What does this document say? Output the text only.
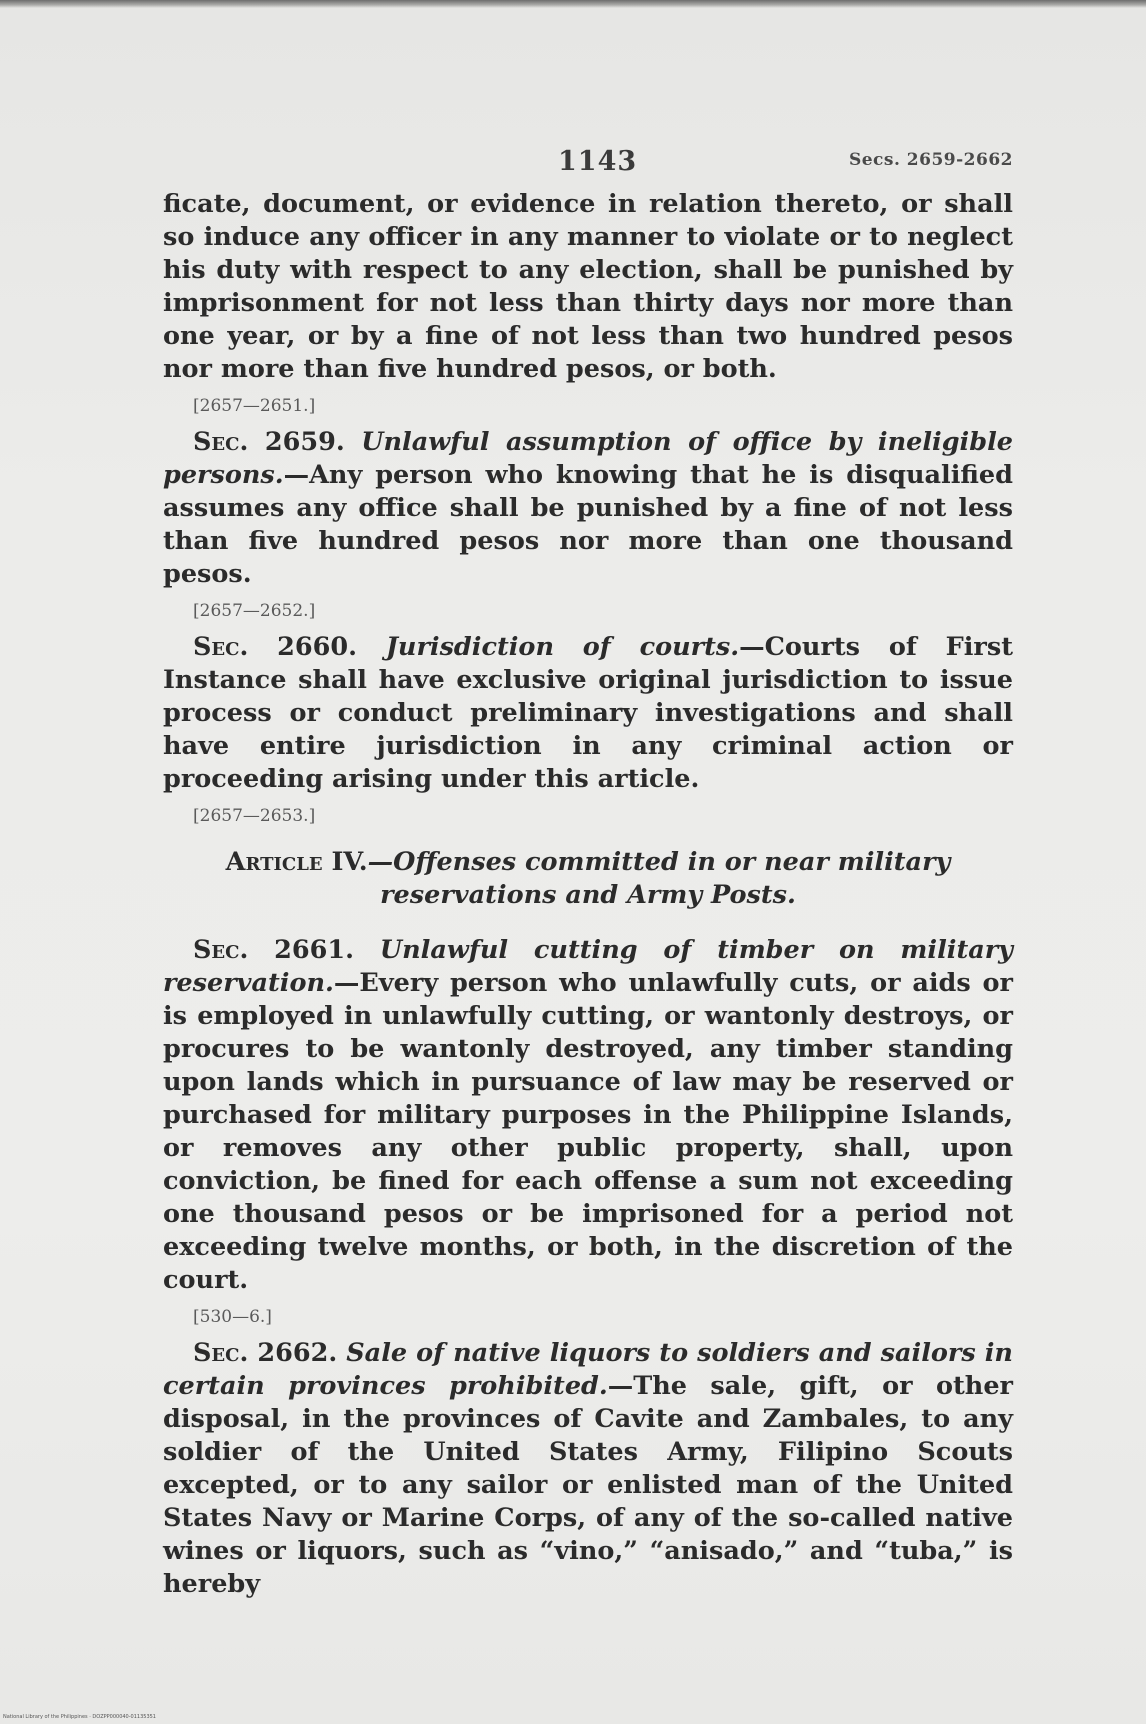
1143	Secs. 2659-2662

ficate, document, or evidence in relation thereto, or shall so induce any officer in any manner to violate or to neglect his duty with respect to any election, shall be punished by imprisonment for not less than thirty days nor more than one year, or by a fine of not less than two hundred pesos nor more than five hundred pesos, or both.

[2657—2651.]

Sec. 2659. Unlawful assumption of office by ineligible persons.—Any person who knowing that he is disqualified assumes any office shall be punished by a fine of not less than five hundred pesos nor more than one thousand pesos.

[2657—2652.]

Sec. 2660. Jurisdiction of courts.—Courts of First Instance shall have exclusive original jurisdiction to issue process or conduct preliminary investigations and shall have entire jurisdiction in any criminal action or proceeding arising under this article.

[2657—2653.]
Article IV.—Offenses committed in or near military reservations and Army Posts.

Sec. 2661. Unlawful cutting of timber on military reservation.—Every person who unlawfully cuts, or aids or is employed in unlawfully cutting, or wantonly destroys, or procures to be wantonly destroyed, any timber standing upon lands which in pursuance of law may be reserved or purchased for military purposes in the Philippine Islands, or removes any other public property, shall, upon conviction, be fined for each offense a sum not exceeding one thousand pesos or be imprisoned for a period not exceeding twelve months, or both, in the discretion of the court.

[530—6.]

Sec. 2662. Sale of native liquors to soldiers and sailors in certain provinces prohibited.—The sale, gift, or other disposal, in the provinces of Cavite and Zambales, to any soldier of the United States Army, Filipino Scouts excepted, or to any sailor or enlisted man of the United States Navy or Marine Corps, of any of the so-called native wines or liquors, such as “vino,” “anisado,” and “tuba,” is hereby

National Library of the Philippines · DOZPP000040-01135351
